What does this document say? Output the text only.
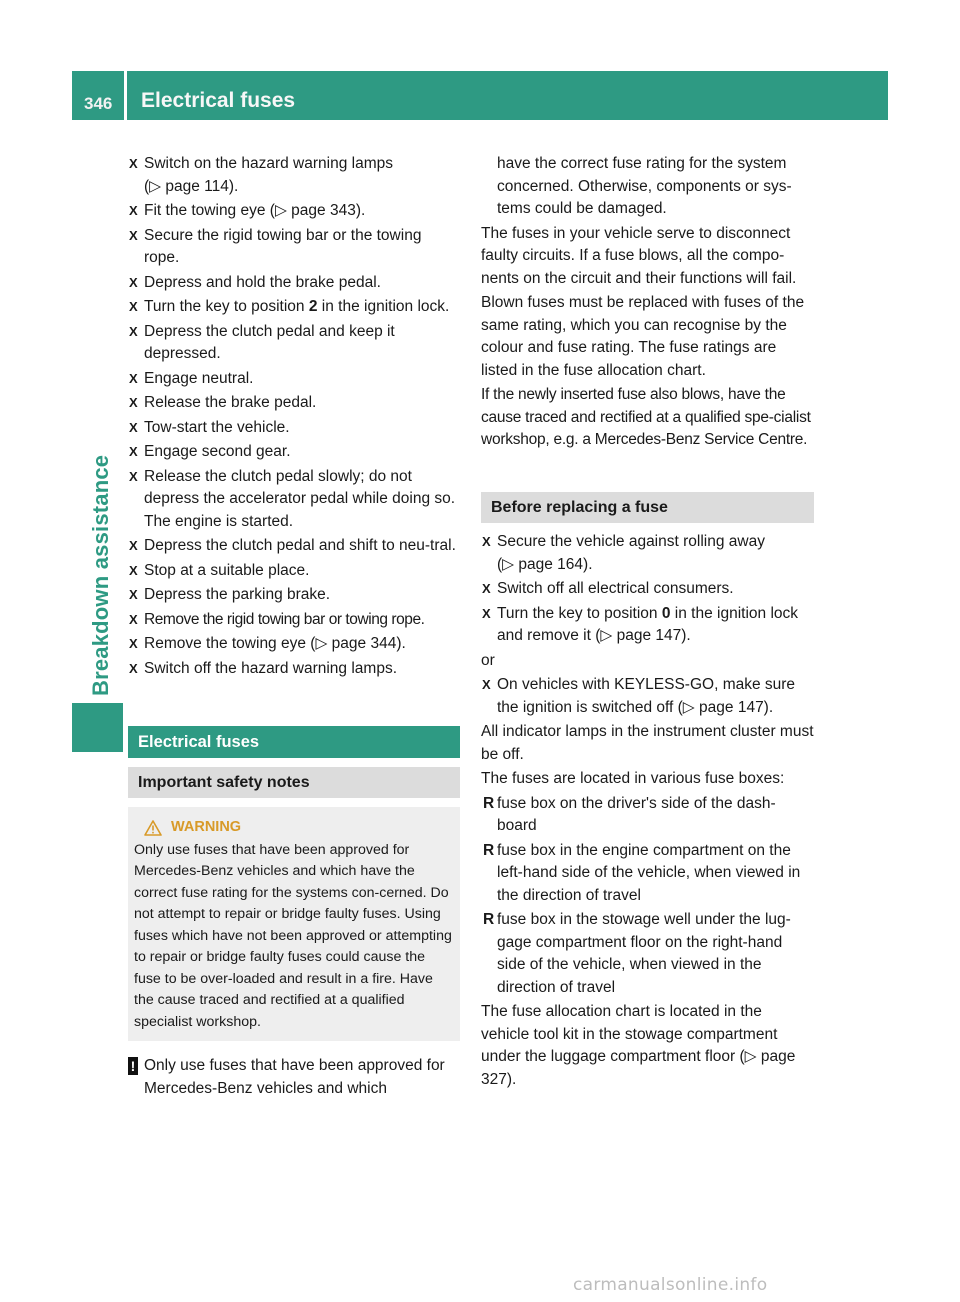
346 Electrical fuses
Breakdown assistance
X Switch on the hazard warning lamps
(▷ page 114).
X Fit the towing eye (▷ page 343).
X Secure the rigid towing bar or the towing rope.
X Depress and hold the brake pedal.
X Turn the key to position 2 in the ignition lock.
X Depress the clutch pedal and keep it depressed.
X Engage neutral.
X Release the brake pedal.
X Tow-start the vehicle.
X Engage second gear.
X Release the clutch pedal slowly; do not depress the accelerator pedal while doing so.
The engine is started.
X Depress the clutch pedal and shift to neu-tral.
X Stop at a suitable place.
X Depress the parking brake.
X Remove the rigid towing bar or towing rope.
X Remove the towing eye (▷ page 344).
X Switch off the hazard warning lamps.
Electrical fuses
Important safety notes
WARNING
Only use fuses that have been approved for Mercedes-Benz vehicles and which have the correct fuse rating for the systems con-cerned. Do not attempt to repair or bridge faulty fuses. Using fuses which have not been approved or attempting to repair or bridge faulty fuses could cause the fuse to be over-loaded and result in a fire. Have the cause traced and rectified at a qualified specialist workshop.
! Only use fuses that have been approved for Mercedes-Benz vehicles and which
have the correct fuse rating for the system concerned. Otherwise, components or sys-tems could be damaged.
The fuses in your vehicle serve to disconnect faulty circuits. If a fuse blows, all the compo-nents on the circuit and their functions will fail.
Blown fuses must be replaced with fuses of the same rating, which you can recognise by the colour and fuse rating. The fuse ratings are listed in the fuse allocation chart.
If the newly inserted fuse also blows, have the cause traced and rectified at a qualified spe-cialist workshop, e.g. a Mercedes-Benz Service Centre.
Before replacing a fuse
X Secure the vehicle against rolling away
(▷ page 164).
X Switch off all electrical consumers.
X Turn the key to position 0 in the ignition lock and remove it (▷ page 147).
or
X On vehicles with KEYLESS-GO, make sure the ignition is switched off (▷ page 147).
All indicator lamps in the instrument cluster must be off.
The fuses are located in various fuse boxes:
R fuse box on the driver's side of the dash-board
R fuse box in the engine compartment on the left-hand side of the vehicle, when viewed in the direction of travel
R fuse box in the stowage well under the lug-gage compartment floor on the right-hand side of the vehicle, when viewed in the direction of travel
The fuse allocation chart is located in the vehicle tool kit in the stowage compartment under the luggage compartment floor (▷ page 327).
carmanualsonline.info
